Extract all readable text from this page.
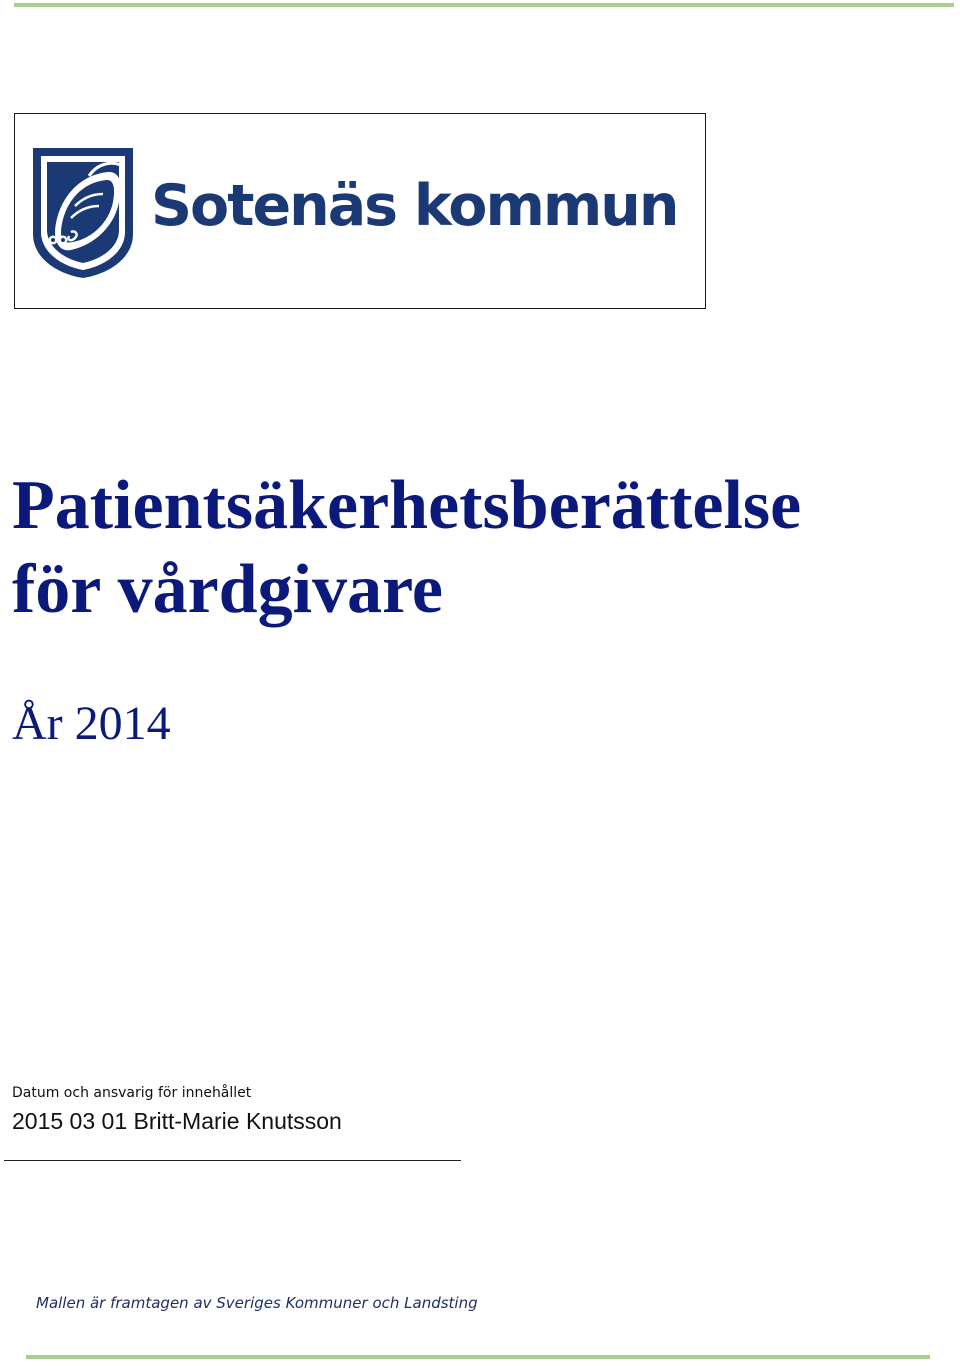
Sotenäs kommun
Patientsäkerhetsberättelse
för vårdgivare
År 2014
Datum och ansvarig för innehållet
2015 03 01 Britt-Marie Knutsson
Mallen är framtagen av Sveriges Kommuner och Landsting
